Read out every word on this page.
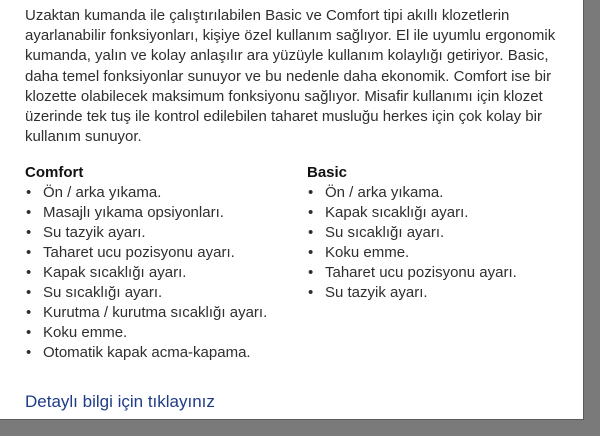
Uzaktan kumanda ile çalıştırılabilen Basic ve Comfort tipi akıllı klozetlerin ayarlanabilir fonksiyonları, kişiye özel kullanım sağlıyor. El ile uyumlu ergonomik kumanda, yalın ve kolay anlaşılır ara yüzüyle kullanım kolaylığı getiriyor. Basic, daha temel fonksiyonlar sunuyor ve bu nedenle daha ekonomik. Comfort ise bir klozette olabilecek maksimum fonksiyonu sağlıyor. Misafir kullanımı için klozet üzerinde tek tuş ile kontrol edilebilen taharet musluğu herkes için çok kolay bir kullanım sunuyor.

Comfort
• Ön / arka yıkama.
• Masajlı yıkama opsiyonları.
• Su tazyik ayarı.
• Taharet ucu pozisyonu ayarı.
• Kapak sıcaklığı ayarı.
• Su sıcaklığı ayarı.
• Kurutma / kurutma sıcaklığı ayarı.
• Koku emme.
• Otomatik kapak acma-kapama.
Basic
• Ön / arka yıkama.
• Kapak sıcaklığı ayarı.
• Su sıcaklığı ayarı.
• Koku emme.
• Taharet ucu pozisyonu ayarı.
• Su tazyik ayarı.
Detaylı bilgi için tıklayınız
